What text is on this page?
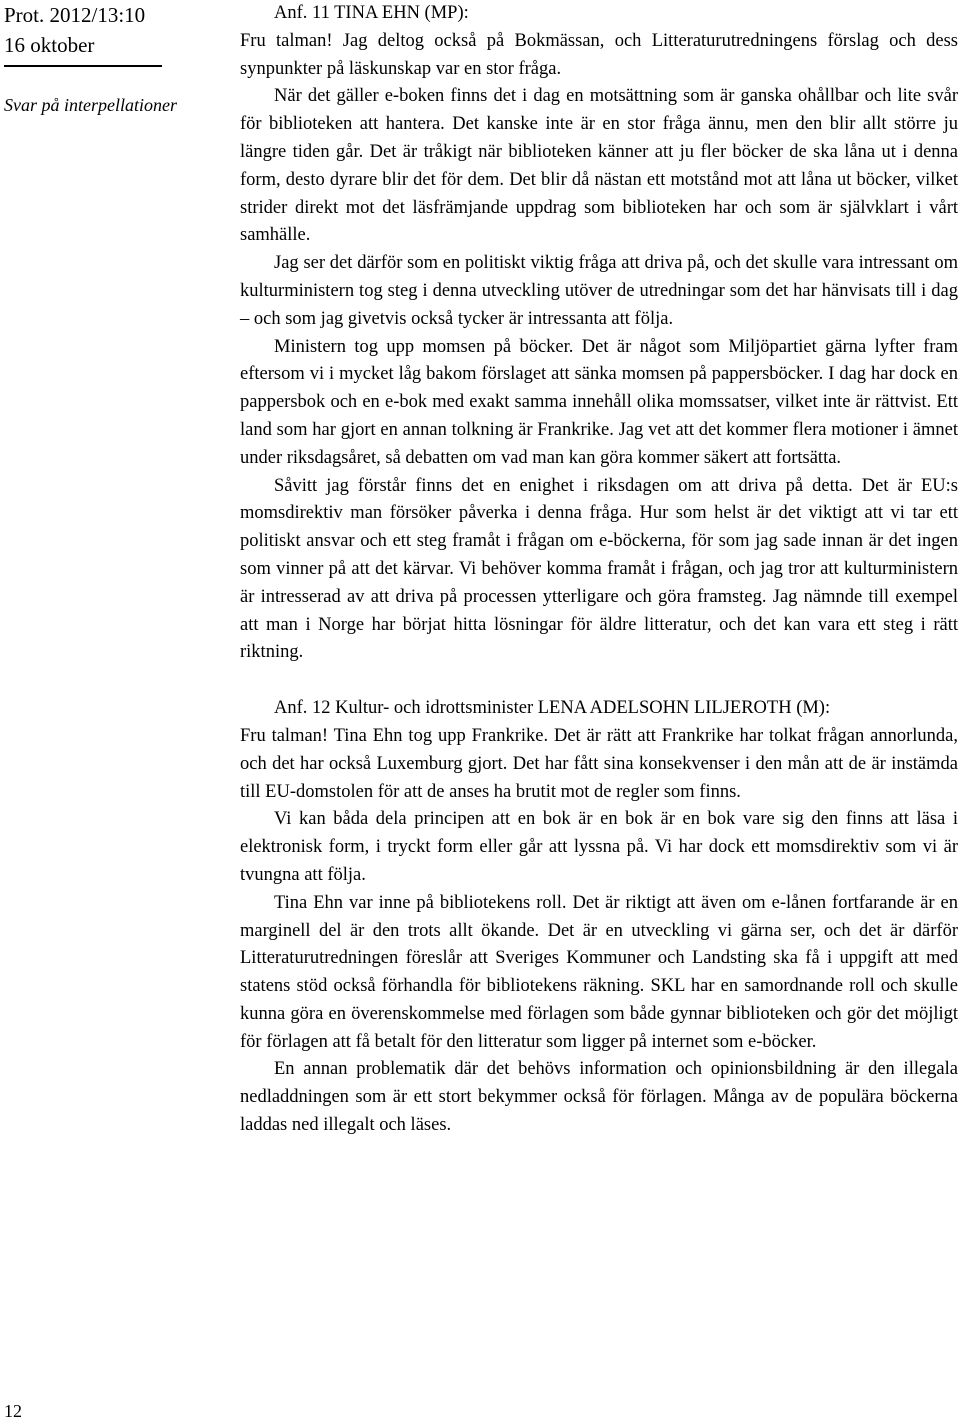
Prot. 2012/13:10
16 oktober
Svar på interpellationer
12

Anf. 11 TINA EHN (MP):

Fru talman! Jag deltog också på Bokmässan, och Litteraturutredningens förslag och dess synpunkter på läskunskap var en stor fråga.

När det gäller e-boken finns det i dag en motsättning som är ganska ohållbar och lite svår för biblioteken att hantera. Det kanske inte är en stor fråga ännu, men den blir allt större ju längre tiden går. Det är tråkigt när biblioteken känner att ju fler böcker de ska låna ut i denna form, desto dyrare blir det för dem. Det blir då nästan ett motstånd mot att låna ut böcker, vilket strider direkt mot det läsfrämjande uppdrag som biblioteken har och som är självklart i vårt samhälle.

Jag ser det därför som en politiskt viktig fråga att driva på, och det skulle vara intressant om kulturministern tog steg i denna utveckling utöver de utredningar som det har hänvisats till i dag – och som jag givetvis också tycker är intressanta att följa.

Ministern tog upp momsen på böcker. Det är något som Miljöpartiet gärna lyfter fram eftersom vi i mycket låg bakom förslaget att sänka momsen på pappersböcker. I dag har dock en pappersbok och en e-bok med exakt samma innehåll olika momssatser, vilket inte är rättvist. Ett land som har gjort en annan tolkning är Frankrike. Jag vet att det kommer flera motioner i ämnet under riksdagsåret, så debatten om vad man kan göra kommer säkert att fortsätta.

Såvitt jag förstår finns det en enighet i riksdagen om att driva på detta. Det är EU:s momsdirektiv man försöker påverka i denna fråga. Hur som helst är det viktigt att vi tar ett politiskt ansvar och ett steg framåt i frågan om e-böckerna, för som jag sade innan är det ingen som vinner på att det kärvar. Vi behöver komma framåt i frågan, och jag tror att kulturministern är intresserad av att driva på processen ytterligare och göra framsteg. Jag nämnde till exempel att man i Norge har börjat hitta lösningar för äldre litteratur, och det kan vara ett steg i rätt riktning.

Anf. 12 Kultur- och idrottsminister LENA ADELSOHN LILJEROTH (M):

Fru talman! Tina Ehn tog upp Frankrike. Det är rätt att Frankrike har tolkat frågan annorlunda, och det har också Luxemburg gjort. Det har fått sina konsekvenser i den mån att de är instämda till EU-domstolen för att de anses ha brutit mot de regler som finns.

Vi kan båda dela principen att en bok är en bok är en bok vare sig den finns att läsa i elektronisk form, i tryckt form eller går att lyssna på. Vi har dock ett momsdirektiv som vi är tvungna att följa.

Tina Ehn var inne på bibliotekens roll. Det är riktigt att även om e-lånen fortfarande är en marginell del är den trots allt ökande. Det är en utveckling vi gärna ser, och det är därför Litteraturutredningen föreslår att Sveriges Kommuner och Landsting ska få i uppgift att med statens stöd också förhandla för bibliotekens räkning. SKL har en samordnande roll och skulle kunna göra en överenskommelse med förlagen som både gynnar biblioteken och gör det möjligt för förlagen att få betalt för den litteratur som ligger på internet som e-böcker.

En annan problematik där det behövs information och opinionsbildning är den illegala nedladdningen som är ett stort bekymmer också för förlagen. Många av de populära böckerna laddas ned illegalt och läses.
